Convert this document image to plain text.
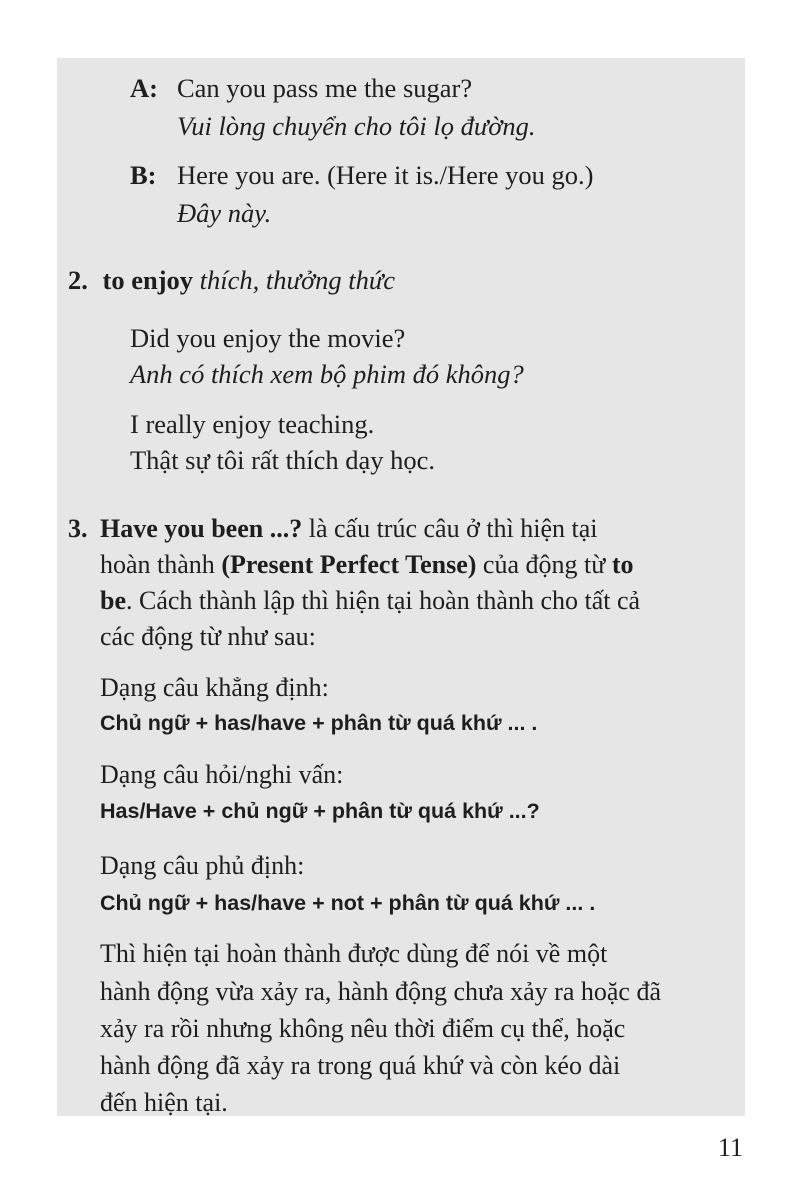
A: Can you pass me the sugar?
Vui lòng chuyển cho tôi lọ đường.
B: Here you are. (Here it is./Here you go.)
Đây này.
2. to enjoy thích, thưởng thức
Did you enjoy the movie?
Anh có thích xem bộ phim đó không?
I really enjoy teaching.
Thật sự tôi rất thích dạy học.
3. Have you been ...? là cấu trúc câu ở thì hiện tại
hoàn thành (Present Perfect Tense) của động từ to
be. Cách thành lập thì hiện tại hoàn thành cho tất cả
các động từ như sau:
Dạng câu khẳng định:
Chủ ngữ + has/have + phân từ quá khứ ... .
Dạng câu hỏi/nghi vấn:
Has/Have + chủ ngữ + phân từ quá khứ ...?
Dạng câu phủ định:
Chủ ngữ + has/have + not + phân từ quá khứ ... .
Thì hiện tại hoàn thành được dùng để nói về một
hành động vừa xảy ra, hành động chưa xảy ra hoặc đã
xảy ra rồi nhưng không nêu thời điểm cụ thể, hoặc
hành động đã xảy ra trong quá khứ và còn kéo dài
đến hiện tại.
11
